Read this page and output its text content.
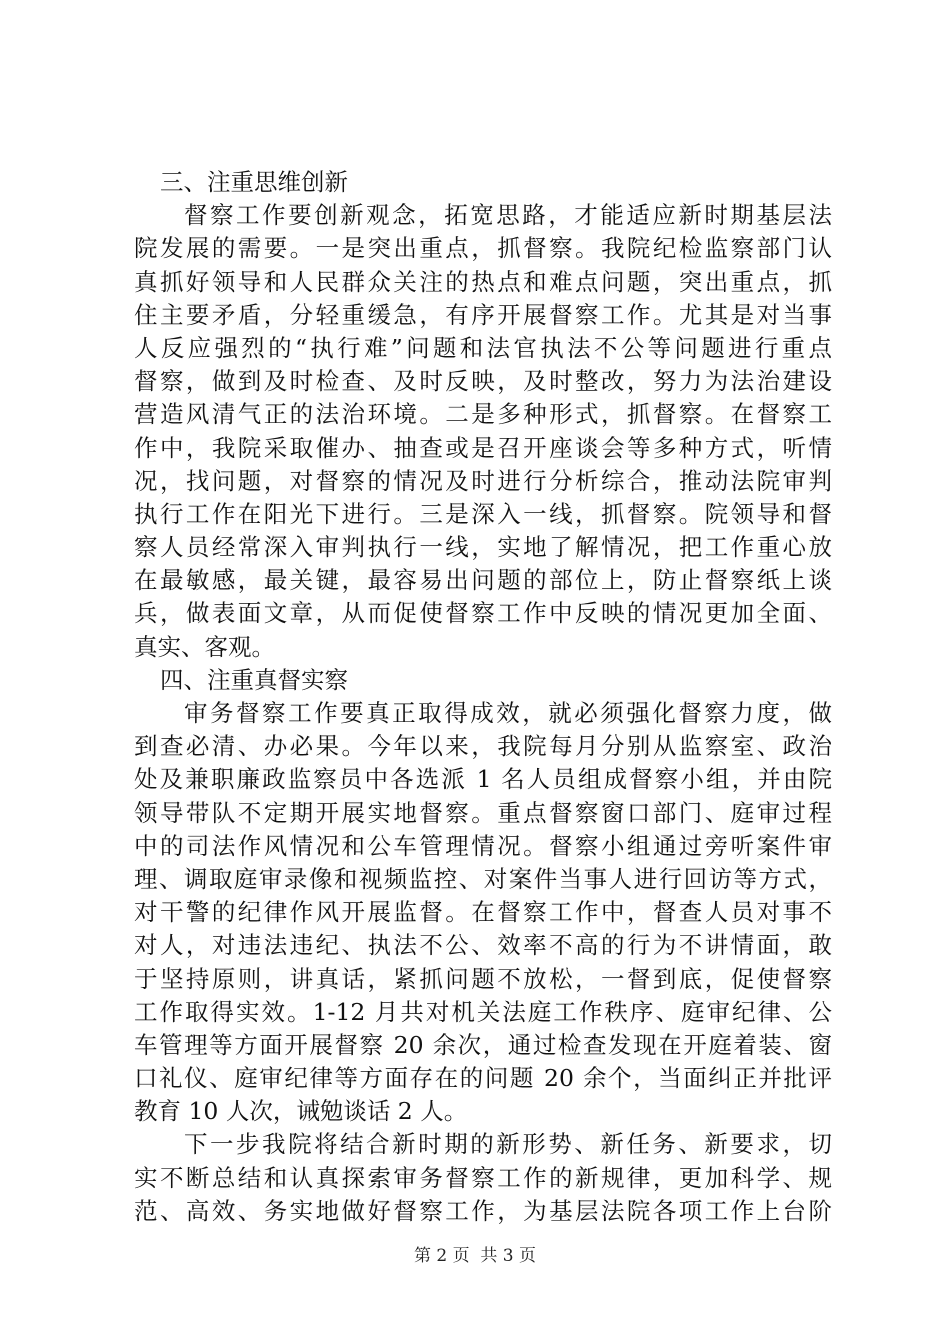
三、注重思维创新
督察工作要创新观念，拓宽思路，才能适应新时期基层法
院发展的需要。一是突出重点，抓督察。我院纪检监察部门认
真抓好领导和人民群众关注的热点和难点问题，突出重点，抓
住主要矛盾，分轻重缓急，有序开展督察工作。尤其是对当事
人反应强烈的“执行难”问题和法官执法不公等问题进行重点
督察，做到及时检查、及时反映，及时整改，努力为法治建设
营造风清气正的法治环境。二是多种形式，抓督察。在督察工
作中，我院采取催办、抽查或是召开座谈会等多种方式，听情
况，找问题，对督察的情况及时进行分析综合，推动法院审判
执行工作在阳光下进行。三是深入一线，抓督察。院领导和督
察人员经常深入审判执行一线，实地了解情况，把工作重心放
在最敏感，最关键，最容易出问题的部位上，防止督察纸上谈
兵，做表面文章，从而促使督察工作中反映的情况更加全面、
真实、客观。
四、注重真督实察
审务督察工作要真正取得成效，就必须强化督察力度，做
到查必清、办必果。今年以来，我院每月分别从监察室、政治
处及兼职廉政监察员中各选派 1 名人员组成督察小组，并由院
领导带队不定期开展实地督察。重点督察窗口部门、庭审过程
中的司法作风情况和公车管理情况。督察小组通过旁听案件审
理、调取庭审录像和视频监控、对案件当事人进行回访等方式，
对干警的纪律作风开展监督。在督察工作中，督查人员对事不
对人，对违法违纪、执法不公、效率不高的行为不讲情面，敢
于坚持原则，讲真话，紧抓问题不放松，一督到底，促使督察
工作取得实效。1-12 月共对机关法庭工作秩序、庭审纪律、公
车管理等方面开展督察 20 余次，通过检查发现在开庭着装、窗
口礼仪、庭审纪律等方面存在的问题 20 余个，当面纠正并批评
教育 10 人次，诫勉谈话 2 人。
下一步我院将结合新时期的新形势、新任务、新要求，切
实不断总结和认真探索审务督察工作的新规律，更加科学、规
范、高效、务实地做好督察工作，为基层法院各项工作上台阶
第 2 页 共 3 页
